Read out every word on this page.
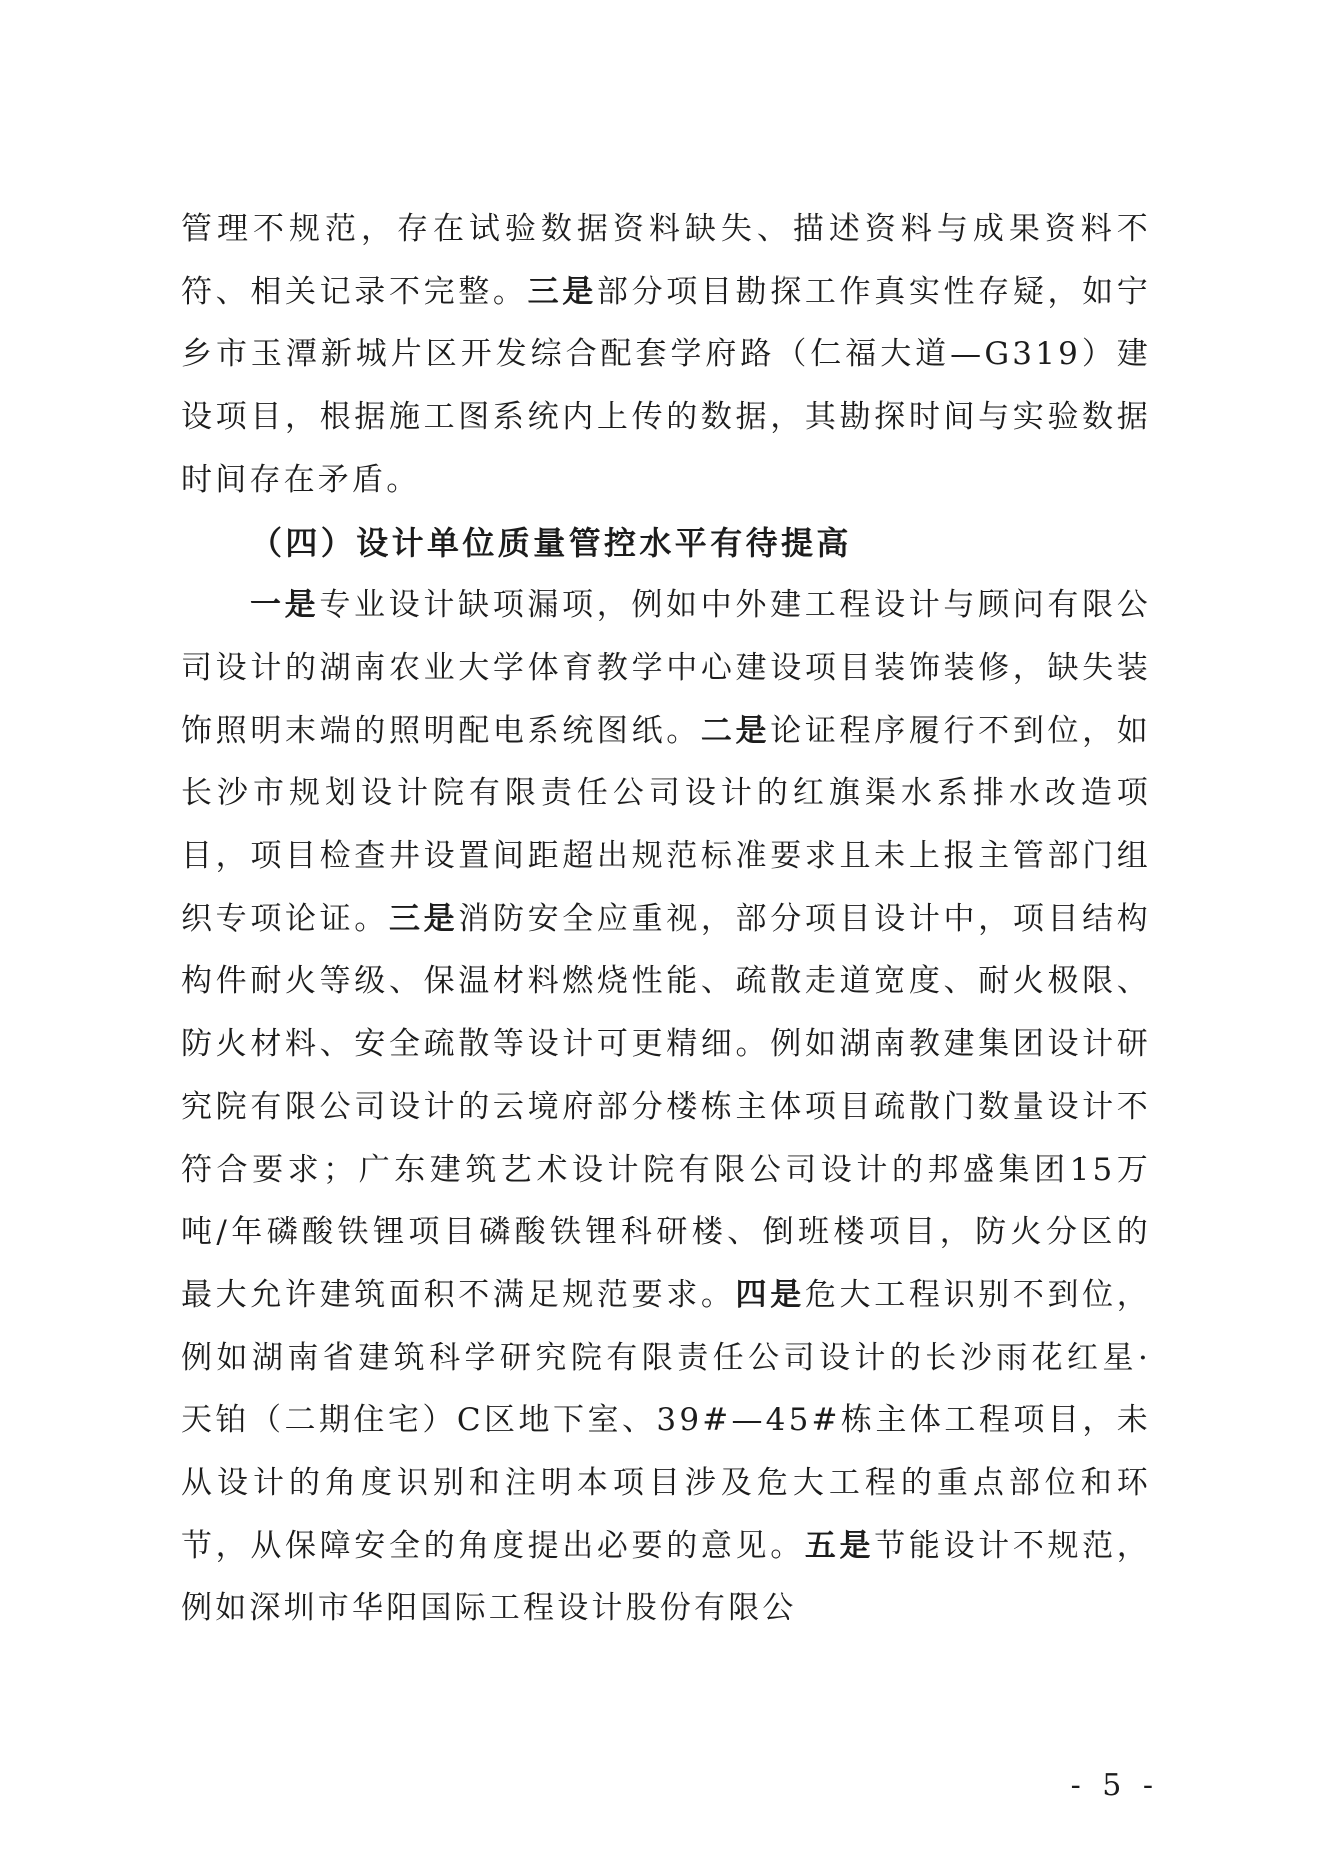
管理不规范，存在试验数据资料缺失、描述资料与成果资料不符、相关记录不完整。三是部分项目勘探工作真实性存疑，如宁乡市玉潭新城片区开发综合配套学府路（仁福大道—G319）建设项目，根据施工图系统内上传的数据，其勘探时间与实验数据时间存在矛盾。

（四）设计单位质量管控水平有待提高

一是专业设计缺项漏项，例如中外建工程设计与顾问有限公司设计的湖南农业大学体育教学中心建设项目装饰装修，缺失装饰照明末端的照明配电系统图纸。二是论证程序履行不到位，如长沙市规划设计院有限责任公司设计的红旗渠水系排水改造项目，项目检查井设置间距超出规范标准要求且未上报主管部门组织专项论证。三是消防安全应重视，部分项目设计中，项目结构构件耐火等级、保温材料燃烧性能、疏散走道宽度、耐火极限、防火材料、安全疏散等设计可更精细。例如湖南教建集团设计研究院有限公司设计的云境府部分楼栋主体项目疏散门数量设计不符合要求；广东建筑艺术设计院有限公司设计的邦盛集团15万吨/年磷酸铁锂项目磷酸铁锂科研楼、倒班楼项目，防火分区的最大允许建筑面积不满足规范要求。四是危大工程识别不到位，例如湖南省建筑科学研究院有限责任公司设计的长沙雨花红星·天铂（二期住宅）C区地下室、39#—45#栋主体工程项目，未从设计的角度识别和注明本项目涉及危大工程的重点部位和环节，从保障安全的角度提出必要的意见。五是节能设计不规范，例如深圳市华阳国际工程设计股份有限公

- 5 -
